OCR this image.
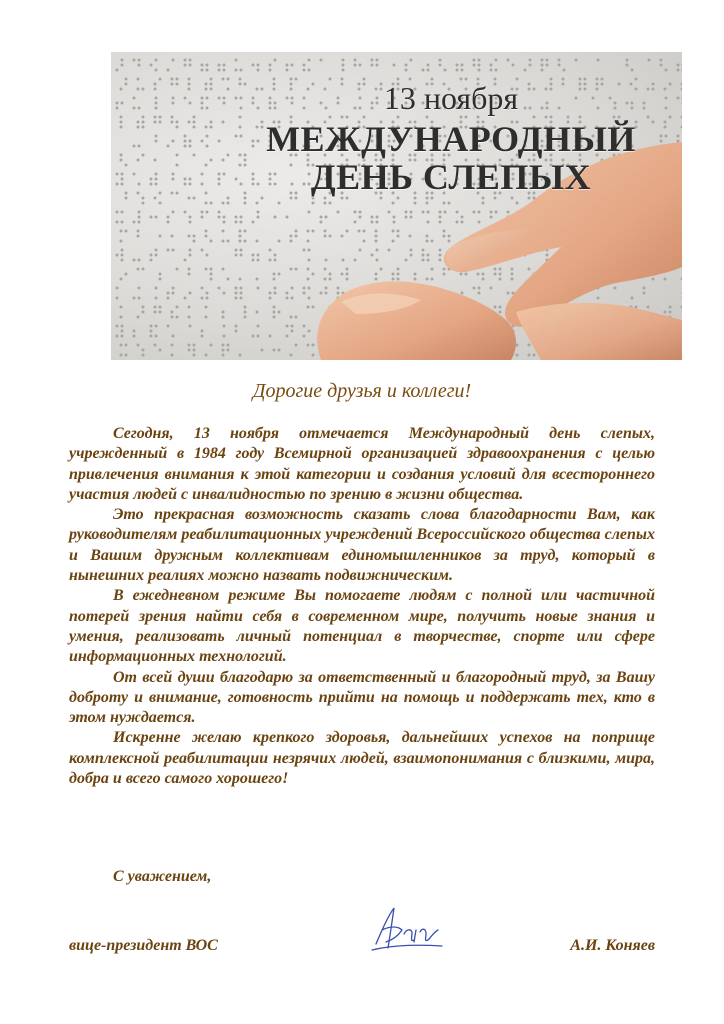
13 ноября

МЕЖДУНАРОДНЫЙ

ДЕНЬ СЛЕПЫХ

Дорогие друзья и коллеги!

Сегодня, 13 ноября отмечается Международный день слепых, учрежденный в 1984 году Всемирной организацией здравоохранения с целью привлечения внимания к этой категории и создания условий для всестороннего участия людей с инвалидностью по зрению в жизни общества.

Это прекрасная возможность сказать слова благодарности Вам, как руководителям реабилитационных учреждений Всероссийского общества слепых и Вашим дружным коллективам единомышленников за труд, который в нынешних реалиях можно назвать подвижническим.

В ежедневном режиме Вы помогаете людям с полной или частичной потерей зрения найти себя в современном мире, получить новые знания и умения, реализовать личный потенциал в творчестве, спорте или сфере информационных технологий.

От всей души благодарю за ответственный и благородный труд, за Вашу доброту и внимание, готовность прийти на помощь и поддержать тех, кто в этом нуждается.

Искренне желаю крепкого здоровья, дальнейших успехов на поприще комплексной реабилитации незрячих людей, взаимопонимания с близкими, мира, добра и всего самого хорошего!

С уважением,

вице-президент ВОС	А.И. Коняев
